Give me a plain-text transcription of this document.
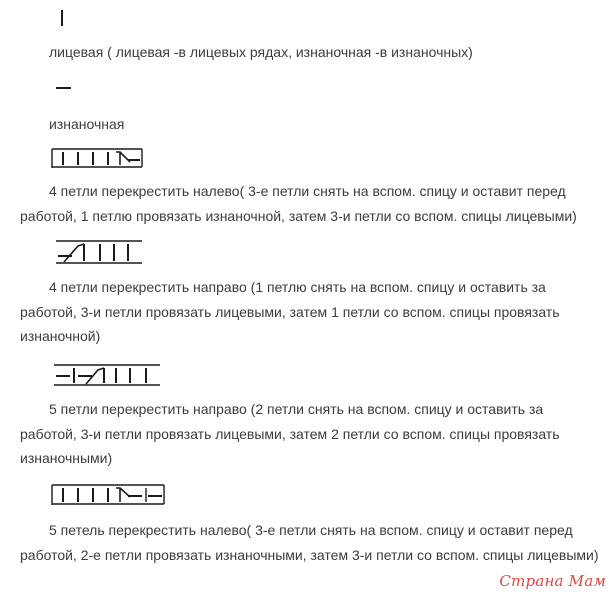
лицевая ( лицевая -в лицевых рядах, изнаночная -в изнаночных)

изнаночная

4 петли перекрестить налево( 3-е петли снять на вспом. спицу и оставит перед работой, 1 петлю провязать изнаночной, затем 3-и петли со вспом. спицы лицевыми)

4 петли перекрестить направо (1 петлю снять на вспом. спицу и оставить за работой, 3-и петли провязать лицевыми, затем 1 петли со вспом. спицы провязать изнаночной)

5 петли перекрестить направо (2 петли снять на вспом. спицу и оставить за работой, 3-и петли провязать лицевыми, затем 2 петли со вспом. спицы провязать изнаночными)

5 петель перекрестить налево( 3-е петли снять на вспом. спицу и оставит перед работой, 2-е петли провязать изнаночными, затем 3-и петли со вспом. спицы лицевыми)

Страна Мам
